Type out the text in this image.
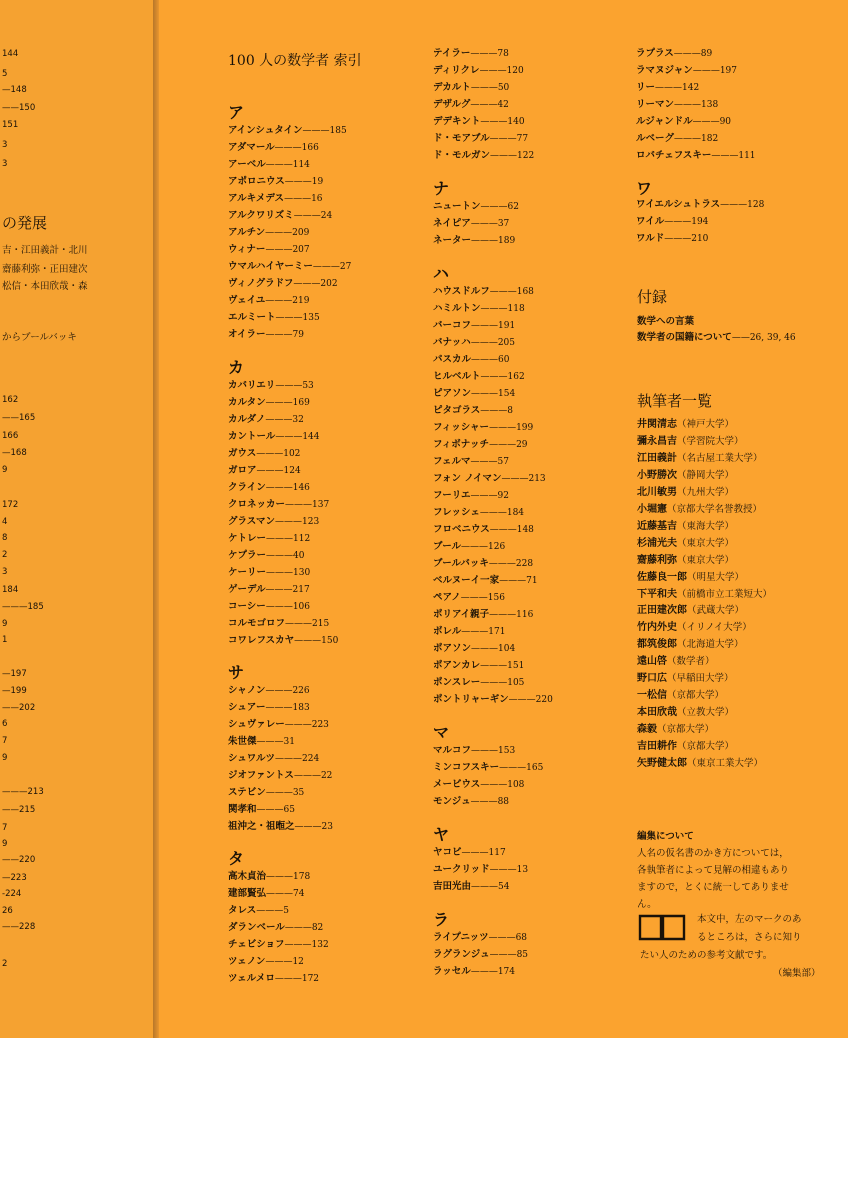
144
5
—148
——150
151
3
3
の発展
吉・江田義計・北川
齋藤利弥・正田建次
松信・本田欣哉・森
からブールバッキ
162
——165
166
—168
9
172
4
8
2
3
184
———185
9
1
—197
—199
——202
6
7
9
———213
——215
7
9
——220
—223
-224
26
——228
2
100 人の数学者 索引
ア
アインシュタイン———185
アダマール———166
アーベル———114
アポロニウス———19
アルキメデス———16
アルクワリズミ———24
アルチン———209
ウィナー———207
ウマルハイヤーミー———27
ヴィノグラドフ———202
ヴェイユ———219
エルミート———135
オイラー———79
カ
カバリエリ———53
カルタン———169
カルダノ———32
カントール———144
ガウス———102
ガロア———124
クライン———146
クロネッカー———137
グラスマン———123
ケトレー———112
ケプラー———40
ケーリー———130
ゲーデル———217
コーシー———106
コルモゴロフ———215
コワレフスカヤ———150
サ
シャノン———226
シュアー———183
シュヴァレー———223
朱世傑———31
シュワルツ———224
ジオファントス———22
ステビン———35
関孝和———65
祖沖之・祖暅之———23
タ
高木貞治———178
建部賢弘———74
タレス———5
ダランベール———82
チェビショフ———132
ツェノン———12
ツェルメロ———172
テイラー———78
ディリクレ———120
デカルト———50
デザルグ———42
デデキント———140
ド・モアブル———77
ド・モルガン———122
ナ
ニュートン———62
ネイピア———37
ネーター———189
ハ
ハウスドルフ———168
ハミルトン———118
バーコフ———191
バナッハ———205
パスカル———60
ヒルベルト———162
ピアソン———154
ピタゴラス———8
フィッシャー———199
フィボナッチ———29
フェルマ———57
フォン ノイマン———213
フーリエ———92
フレッシェ———184
フロベニウス———148
ブール———126
ブールバッキ———228
ベルヌーイ一家———71
ペアノ———156
ポリアイ親子———116
ボレル———171
ポアソン———104
ポアンカレ———151
ポンスレー———105
ポントリャーギン———220
マ
マルコフ———153
ミンコフスキー———165
メービウス———108
モンジュ———88
ヤ
ヤコビ———117
ユークリッド———13
吉田光由———54
ラ
ライプニッツ———68
ラグランジュ———85
ラッセル———174
ラプラス———89
ラマヌジャン———197
リー———142
リーマン———138
ルジャンドル———90
ルベーグ———182
ロバチェフスキー———111
ワ
ワイエルシュトラス———128
ワイル———194
ワルド———210
付録
数学への言葉
数学者の国籍について——26, 39, 46
執筆者一覧
井関清志（神戸大学）
彌永昌吉（学習院大学）
江田義計（名古屋工業大学）
小野勝次（静岡大学）
北川敏男（九州大学）
小堀憲（京都大学名誉教授）
近藤基吉（東海大学）
杉浦光夫（東京大学）
齋藤利弥（東京大学）
佐藤良一郎（明星大学）
下平和夫（前橋市立工業短大）
正田建次郎（武蔵大学）
竹内外史（イリノイ大学）
都筑俊郎（北海道大学）
遠山啓（数学者）
野口広（早稲田大学）
一松信（京都大学）
本田欣哉（立教大学）
森毅（京都大学）
吉田耕作（京都大学）
矢野健太郎（東京工業大学）
編集について
人名の仮名書のかき方については，
各執筆者によって見解の相違もあり
ますので，とくに統一してありませ
ん。
本文中，左のマークのあ
るところは，さらに知り
たい人のための参考文献です。
（編集部）
